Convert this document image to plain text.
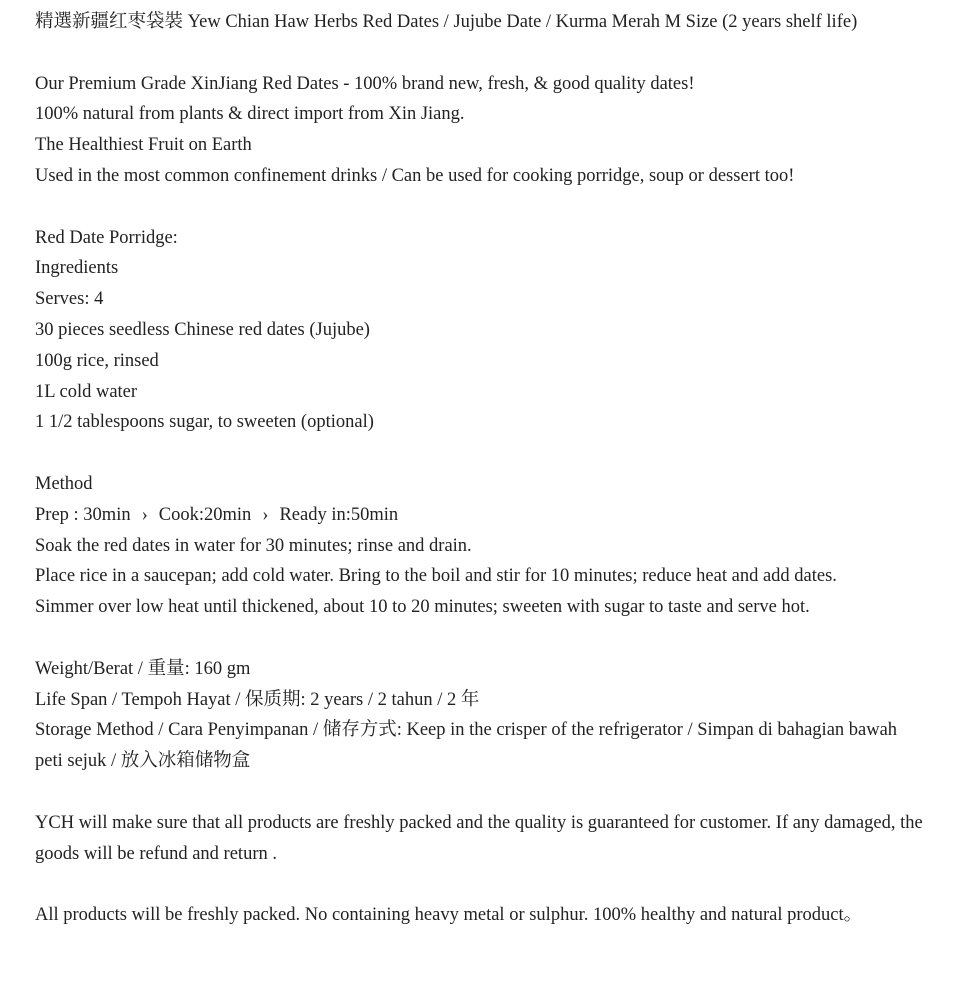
精選新疆红枣袋裝 Yew Chian Haw Herbs Red Dates / Jujube Date / Kurma Merah M Size (2 years shelf life)
Our Premium Grade XinJiang Red Dates - 100% brand new, fresh, & good quality dates!
100% natural from plants & direct import from Xin Jiang.
The Healthiest Fruit on Earth
Used in the most common confinement drinks / Can be used for cooking porridge, soup or dessert too!
Red Date Porridge:
Ingredients
Serves: 4
30 pieces seedless Chinese red dates (Jujube)
100g rice, rinsed
1L cold water
1 1/2 tablespoons sugar, to sweeten (optional)
Method
Prep : 30min › Cook:20min › Ready in:50min
Soak the red dates in water for 30 minutes; rinse and drain.
Place rice in a saucepan; add cold water. Bring to the boil and stir for 10 minutes; reduce heat and add dates.
Simmer over low heat until thickened, about 10 to 20 minutes; sweeten with sugar to taste and serve hot.
Weight/Berat / 重量: 160 gm
Life Span / Tempoh Hayat / 保质期: 2 years / 2 tahun / 2 年
Storage Method / Cara Penyimpanan / 储存方式: Keep in the crisper of the refrigerator / Simpan di bahagian bawah peti sejuk / 放入冰箱储物盒
YCH will make sure that all products are freshly packed and the quality is guaranteed for customer. If any damaged, the goods will be refund and return .
All products will be freshly packed. No containing heavy metal or sulphur. 100% healthy and natural product。
